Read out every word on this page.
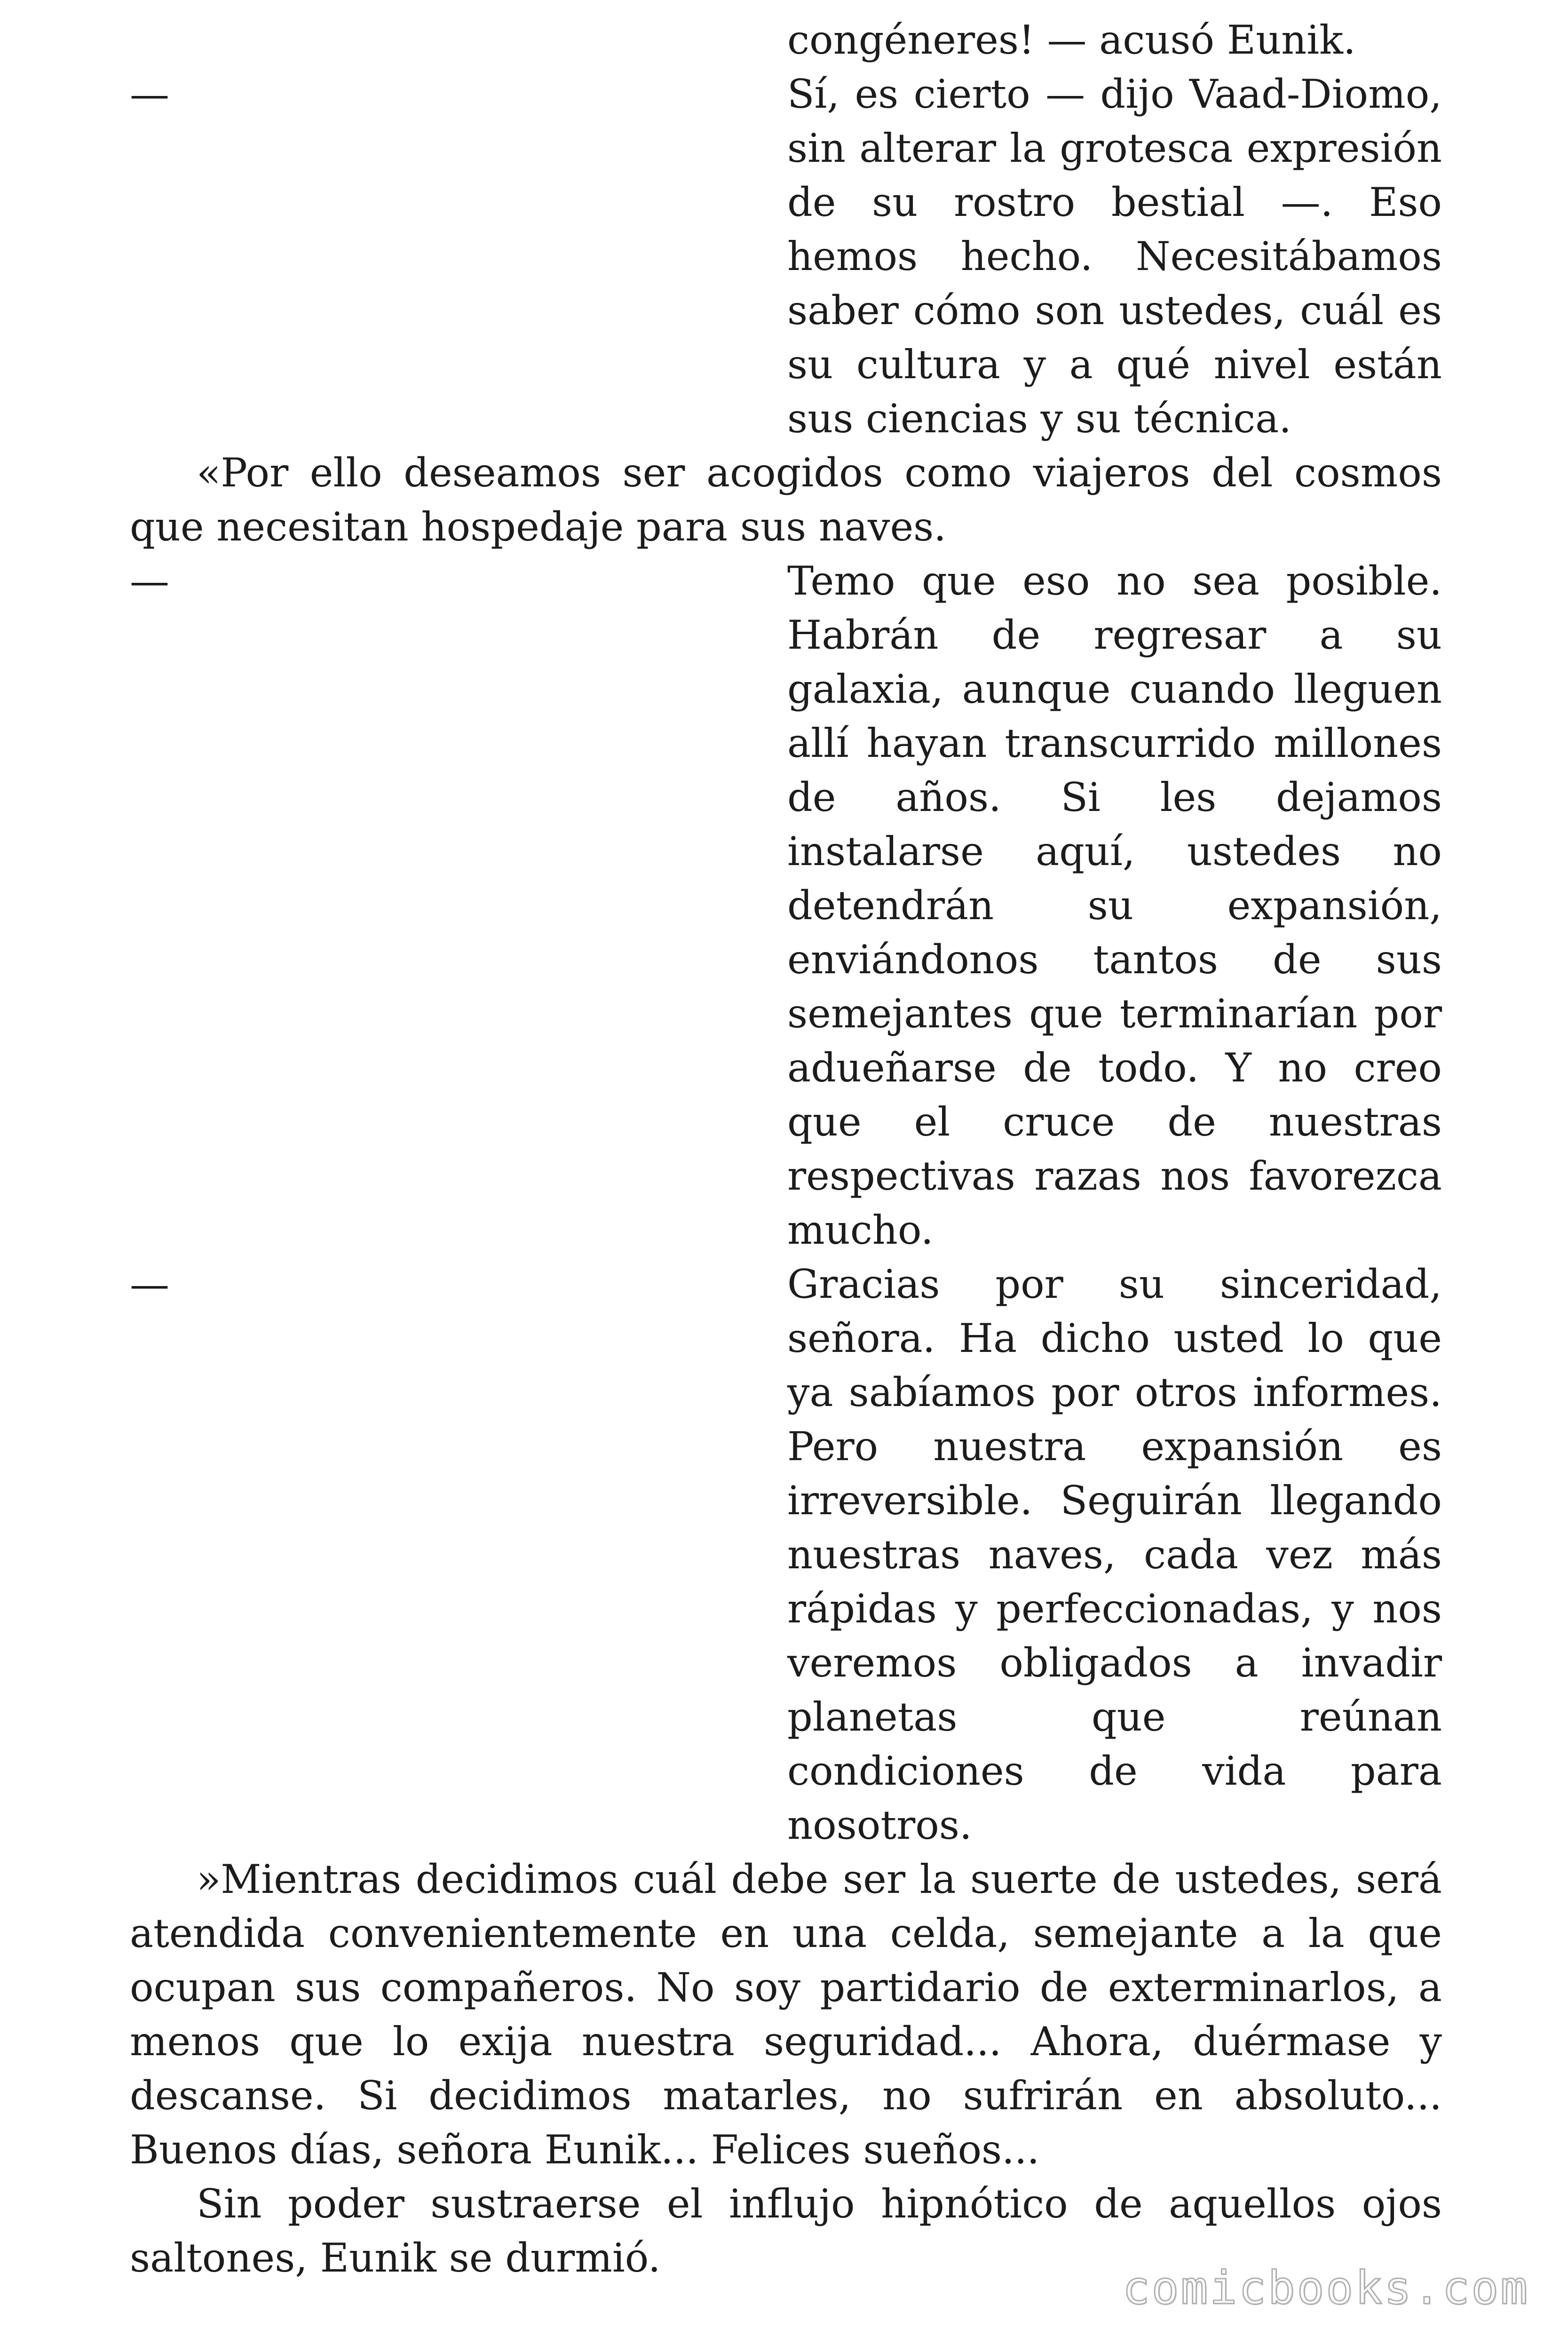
congéneres! — acusó Eunik.

—	Sí, es cierto — dijo Vaad-Diomo, sin alterar la grotesca expresión de su rostro bestial —. Eso hemos hecho. Necesitábamos saber cómo son ustedes, cuál es su cultura y a qué nivel están sus ciencias y su técnica.

«Por ello deseamos ser acogidos como viajeros del cosmos que necesitan hospedaje para sus naves.

—	Temo que eso no sea posible. Habrán de regresar a su galaxia, aunque cuando lleguen allí hayan transcurrido millones de años. Si les dejamos instalarse aquí, ustedes no detendrán su expansión, enviándonos tantos de sus semejantes que terminarían por adueñarse de todo. Y no creo que el cruce de nuestras respectivas razas nos favorezca mucho.
—	Gracias por su sinceridad, señora. Ha dicho usted lo que ya sabíamos por otros informes. Pero nuestra expansión es irreversible. Seguirán llegando nuestras naves, cada vez más rápidas y perfeccionadas, y nos veremos obligados a invadir planetas que reúnan condiciones de vida para nosotros.

»Mientras decidimos cuál debe ser la suerte de ustedes, será atendida convenientemente en una celda, semejante a la que ocupan sus compañeros. No soy partidario de exterminarlos, a menos que lo exija nuestra seguridad... Ahora, duérmase y descanse. Si decidimos matarles, no sufrirán en absoluto... Buenos días, señora Eunik... Felices sueños...

Sin poder sustraerse el influjo hipnótico de aquellos ojos saltones, Eunik se durmió.

comicbooks.com
